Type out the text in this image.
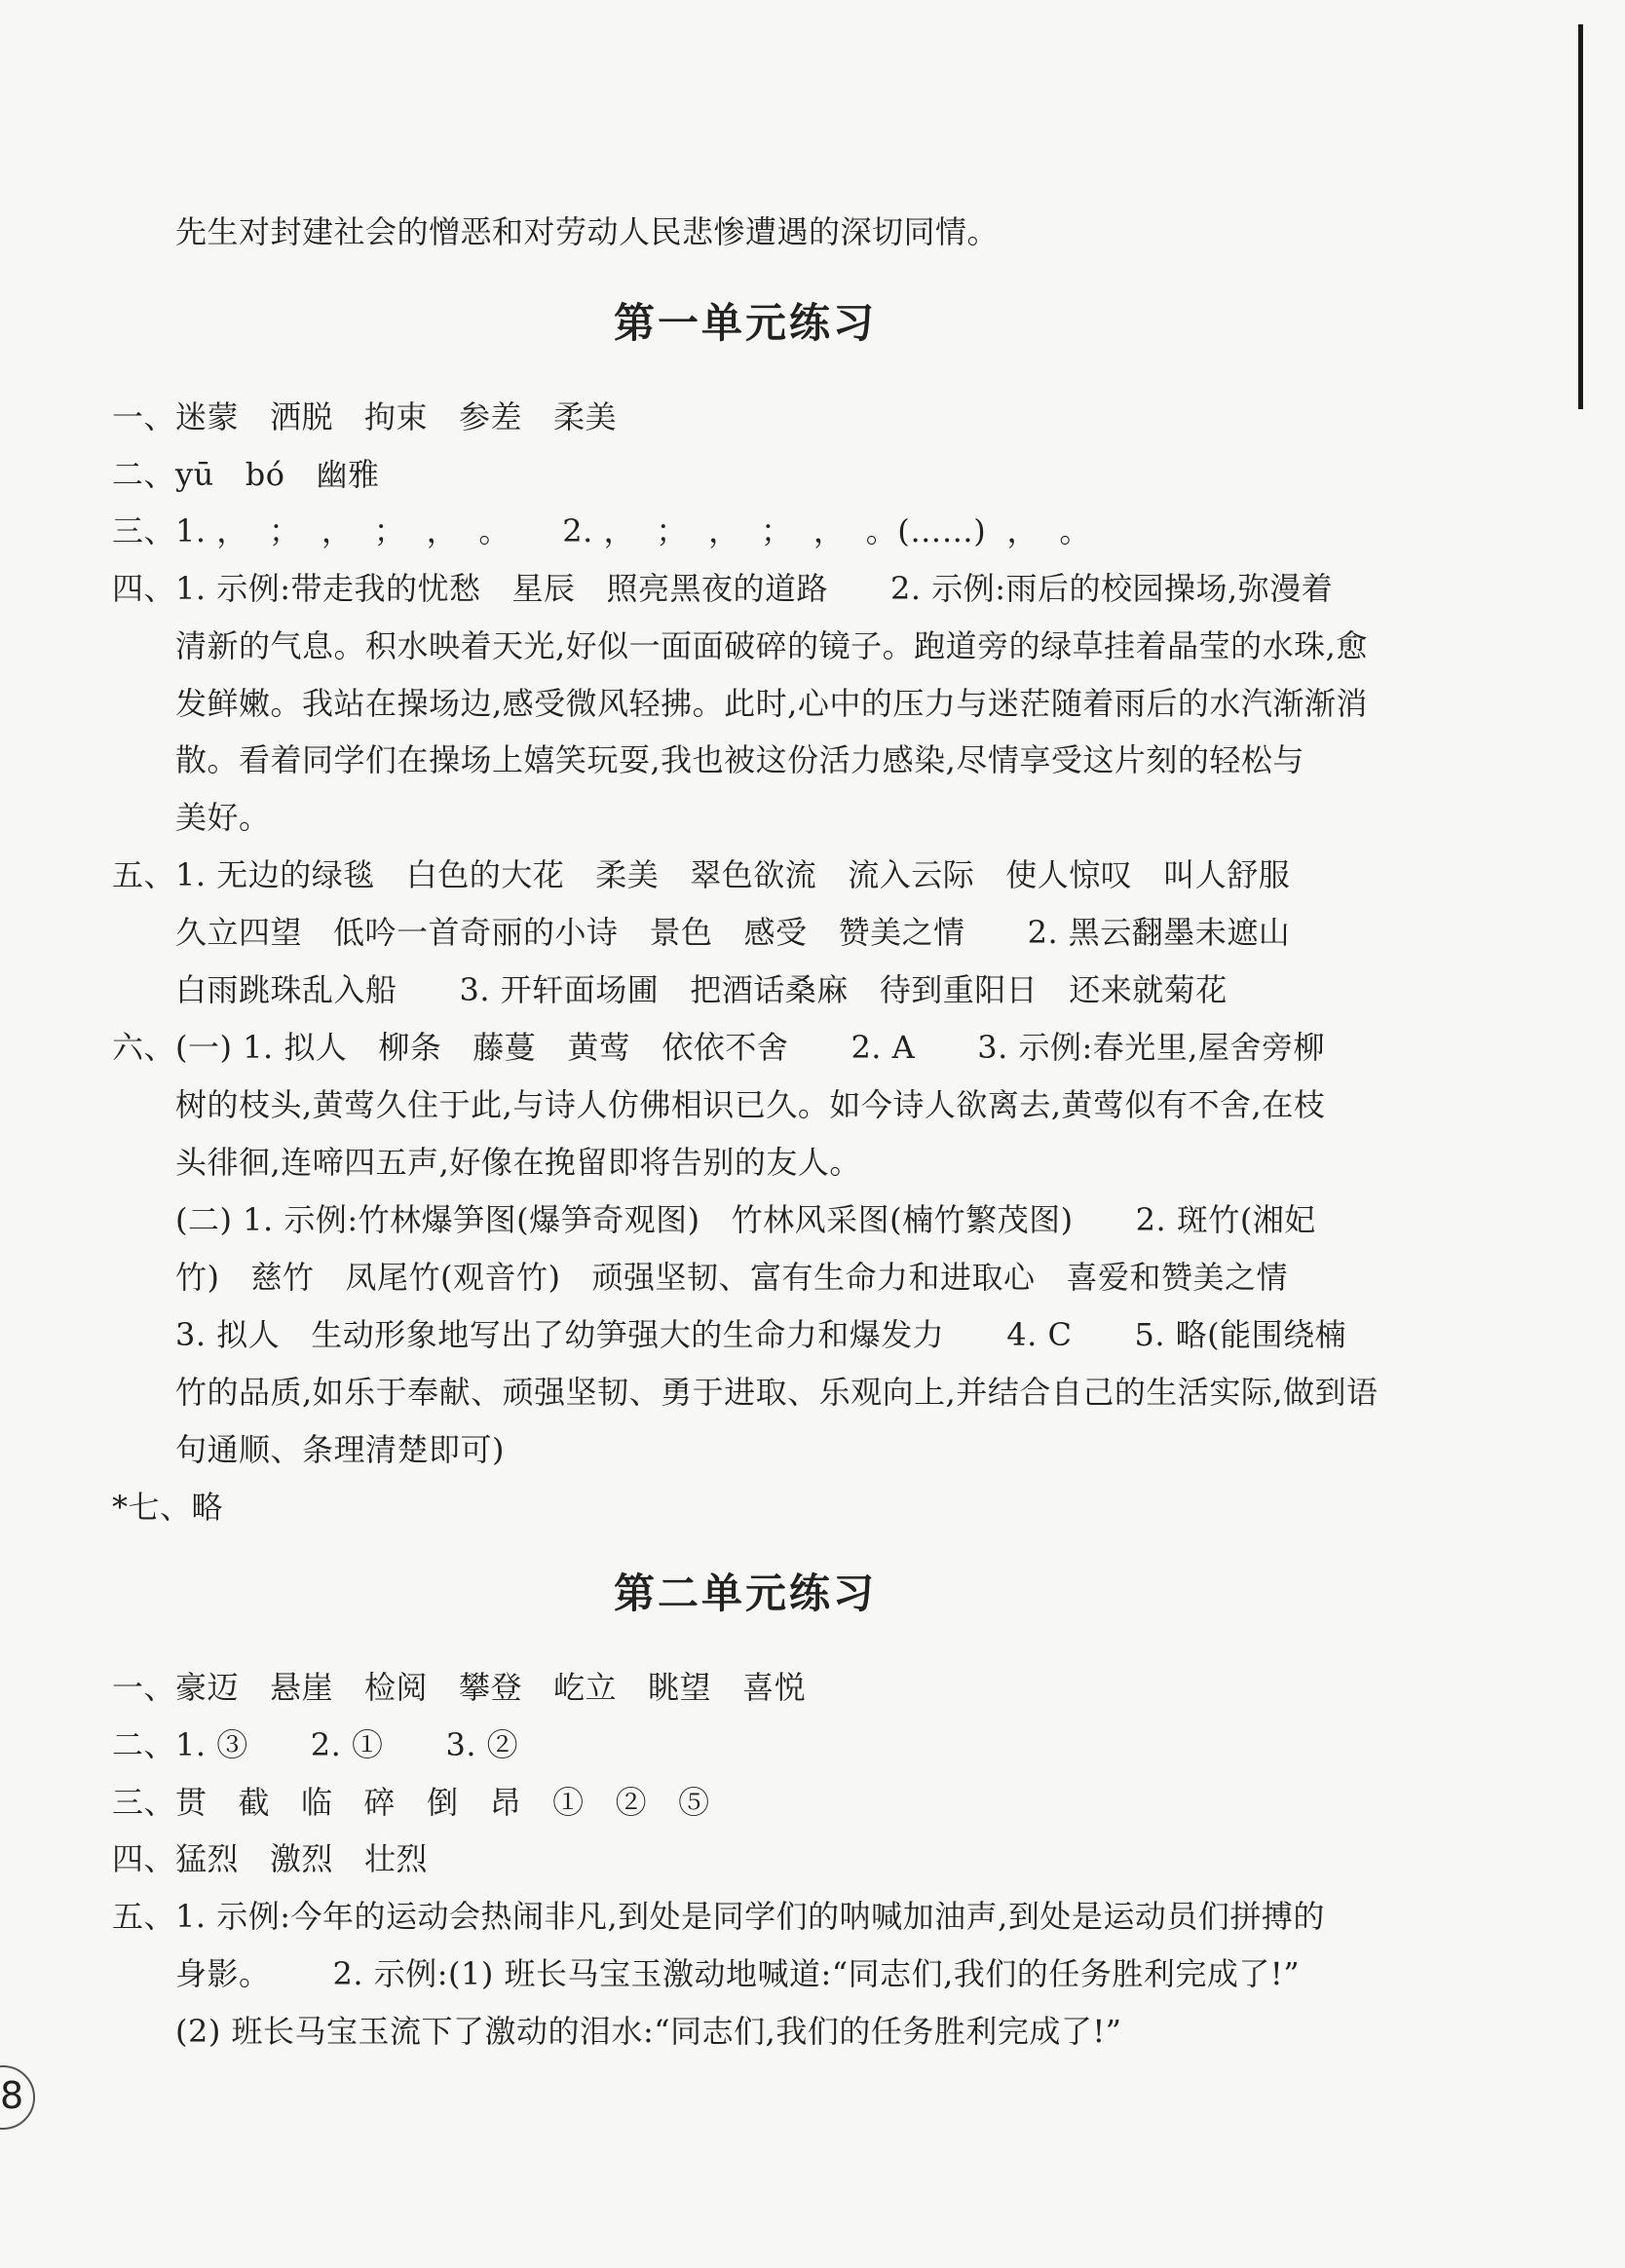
先生对封建社会的憎恶和对劳动人民悲惨遭遇的深切同情。
第一单元练习
一、迷蒙   洒脱   拘束   参差   柔美
二、yū   bó   幽雅
三、1. ，  ；  ，  ；  ，  。     2. ，  ；  ，  ；  ，  。(……)  ，  。
四、1. 示例:带走我的忧愁   星辰   照亮黑夜的道路      2. 示例:雨后的校园操场,弥漫着
清新的气息。积水映着天光,好似一面面破碎的镜子。跑道旁的绿草挂着晶莹的水珠,愈
发鲜嫩。我站在操场边,感受微风轻拂。此时,心中的压力与迷茫随着雨后的水汽渐渐消
散。看着同学们在操场上嬉笑玩耍,我也被这份活力感染,尽情享受这片刻的轻松与
美好。
五、1. 无边的绿毯   白色的大花   柔美   翠色欲流   流入云际   使人惊叹   叫人舒服
久立四望   低吟一首奇丽的小诗   景色   感受   赞美之情      2. 黑云翻墨未遮山
白雨跳珠乱入船      3. 开轩面场圃   把酒话桑麻   待到重阳日   还来就菊花
六、(一) 1. 拟人   柳条   藤蔓   黄莺   依依不舍      2. A      3. 示例:春光里,屋舍旁柳
树的枝头,黄莺久住于此,与诗人仿佛相识已久。如今诗人欲离去,黄莺似有不舍,在枝
头徘徊,连啼四五声,好像在挽留即将告别的友人。
(二) 1. 示例:竹林爆笋图(爆笋奇观图)   竹林风采图(楠竹繁茂图)      2. 斑竹(湘妃
竹)   慈竹   凤尾竹(观音竹)   顽强坚韧、富有生命力和进取心   喜爱和赞美之情
3. 拟人   生动形象地写出了幼笋强大的生命力和爆发力      4. C      5. 略(能围绕楠
竹的品质,如乐于奉献、顽强坚韧、勇于进取、乐观向上,并结合自己的生活实际,做到语
句通顺、条理清楚即可)
*七、略
第二单元练习
一、豪迈   悬崖   检阅   攀登   屹立   眺望   喜悦
二、1. ③      2. ①      3. ②
三、贯   截   临   碎   倒   昂   ①   ②   ⑤
四、猛烈   激烈   壮烈
五、1. 示例:今年的运动会热闹非凡,到处是同学们的呐喊加油声,到处是运动员们拼搏的
身影。      2. 示例:(1) 班长马宝玉激动地喊道:“同志们,我们的任务胜利完成了!”
(2) 班长马宝玉流下了激动的泪水:“同志们,我们的任务胜利完成了!”
8
